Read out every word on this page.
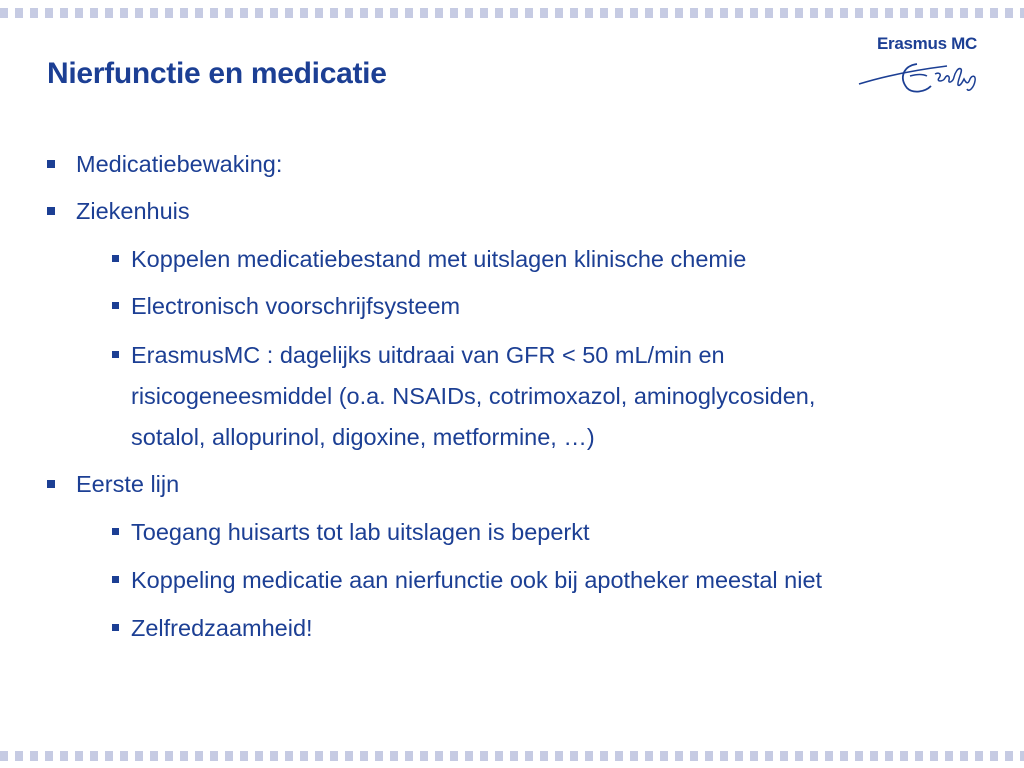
Nierfunctie en medicatie
Erasmus MC
Medicatiebewaking:
Ziekenhuis
Koppelen medicatiebestand met uitslagen klinische chemie
Electronisch voorschrijfsysteem
ErasmusMC : dagelijks uitdraai van GFR < 50 mL/min en
risicogeneesmiddel (o.a. NSAIDs, cotrimoxazol, aminoglycosiden,
sotalol, allopurinol, digoxine, metformine, …)
Eerste lijn
Toegang huisarts tot lab uitslagen is beperkt
Koppeling medicatie aan nierfunctie ook bij apotheker meestal niet
Zelfredzaamheid!
